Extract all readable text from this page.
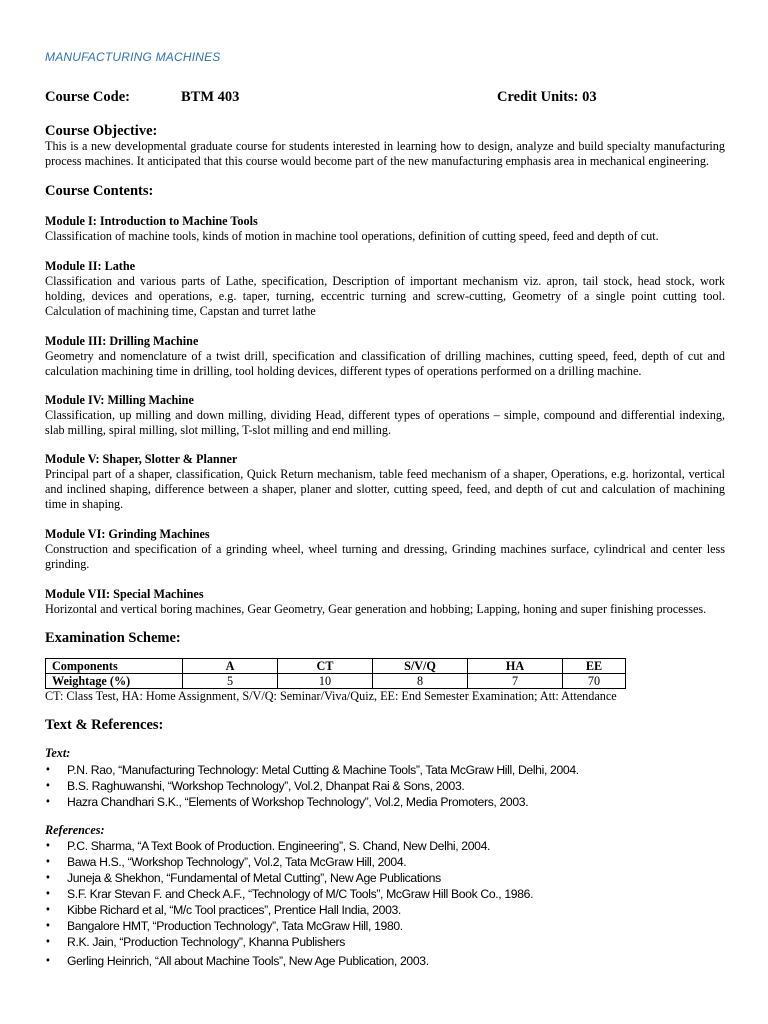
MANUFACTURING MACHINES
Course Code:	BTM 403	Credit Units: 03
Course Objective:
This is a new developmental graduate course for students interested in learning how to design, analyze and build specialty manufacturing process machines. It anticipated that this course would become part of the new manufacturing emphasis area in mechanical engineering.
Course Contents:
Module I: Introduction to Machine Tools
Classification of machine tools, kinds of motion in machine tool operations, definition of cutting speed, feed and depth of cut.
Module II: Lathe
Classification and various parts of Lathe, specification, Description of important mechanism viz. apron, tail stock, head stock, work holding, devices and operations, e.g. taper, turning, eccentric turning and screw-cutting, Geometry of a single point cutting tool. Calculation of machining time, Capstan and turret lathe
Module III: Drilling Machine
Geometry and nomenclature of a twist drill, specification and classification of drilling machines, cutting speed, feed, depth of cut and calculation machining time in drilling, tool holding devices, different types of operations performed on a drilling machine.
Module IV: Milling Machine
Classification, up milling and down milling, dividing Head, different types of operations – simple, compound and differential indexing, slab milling, spiral milling, slot milling, T-slot milling and end milling.
Module V: Shaper, Slotter & Planner
Principal part of a shaper, classification, Quick Return mechanism, table feed mechanism of a shaper, Operations, e.g. horizontal, vertical and inclined shaping, difference between a shaper, planer and slotter, cutting speed, feed, and depth of cut and calculation of machining time in shaping.
Module VI: Grinding Machines
Construction and specification of a grinding wheel, wheel turning and dressing, Grinding machines surface, cylindrical and center less grinding.
Module VII: Special Machines
Horizontal and vertical boring machines, Gear Geometry, Gear generation and hobbing; Lapping, honing and super finishing processes.
Examination Scheme:
Components	A	CT	S/V/Q	HA	EE
Weightage (%)	5	10	8	7	70
CT: Class Test, HA: Home Assignment, S/V/Q: Seminar/Viva/Quiz, EE: End Semester Examination; Att: Attendance
Text & References:
Text:
• P.N. Rao, “Manufacturing Technology: Metal Cutting & Machine Tools”, Tata McGraw Hill, Delhi, 2004.
• B.S. Raghuwanshi, “Workshop Technology”, Vol.2, Dhanpat Rai & Sons, 2003.
• Hazra Chandhari S.K., “Elements of Workshop Technology”, Vol.2, Media Promoters, 2003.
References:
• P.C. Sharma, “A Text Book of Production. Engineering”, S. Chand, New Delhi, 2004.
• Bawa H.S., “Workshop Technology”, Vol.2, Tata McGraw Hill, 2004.
• Juneja & Shekhon, “Fundamental of Metal Cutting”, New Age Publications
• S.F. Krar Stevan F. and Check A.F., “Technology of M/C Tools”, McGraw Hill Book Co., 1986.
• Kibbe Richard et al, “M/c Tool practices”, Prentice Hall India, 2003.
• Bangalore HMT, “Production Technology”, Tata McGraw Hill, 1980.
• R.K. Jain, “Production Technology”, Khanna Publishers
• Gerling Heinrich, “All about Machine Tools”, New Age Publication, 2003.
